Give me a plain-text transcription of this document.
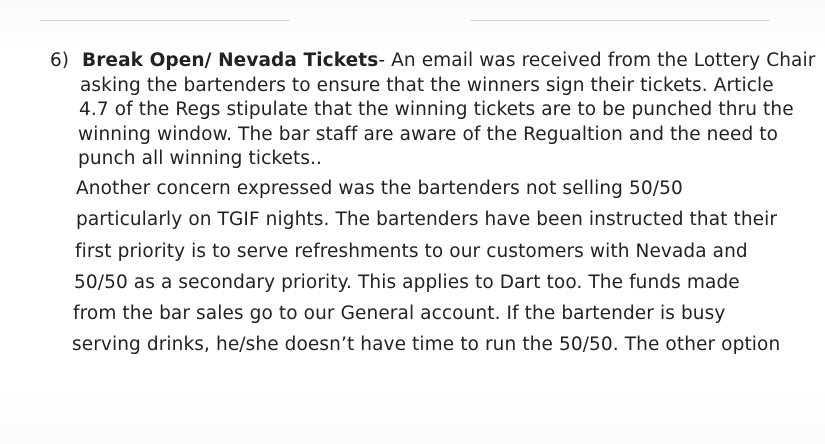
6) Break Open/ Nevada Tickets- An email was received from the Lottery Chair
asking the bartenders to ensure that the winners sign their tickets. Article
4.7 of the Regs stipulate that the winning tickets are to be punched thru the
winning window. The bar staff are aware of the Regualtion and the need to
punch all winning tickets..
Another concern expressed was the bartenders not selling 50/50
particularly on TGIF nights. The bartenders have been instructed that their
first priority is to serve refreshments to our customers with Nevada and
50/50 as a secondary priority. This applies to Dart too. The funds made
from the bar sales go to our General account. If the bartender is busy
serving drinks, he/she doesn’t have time to run the 50/50. The other option
